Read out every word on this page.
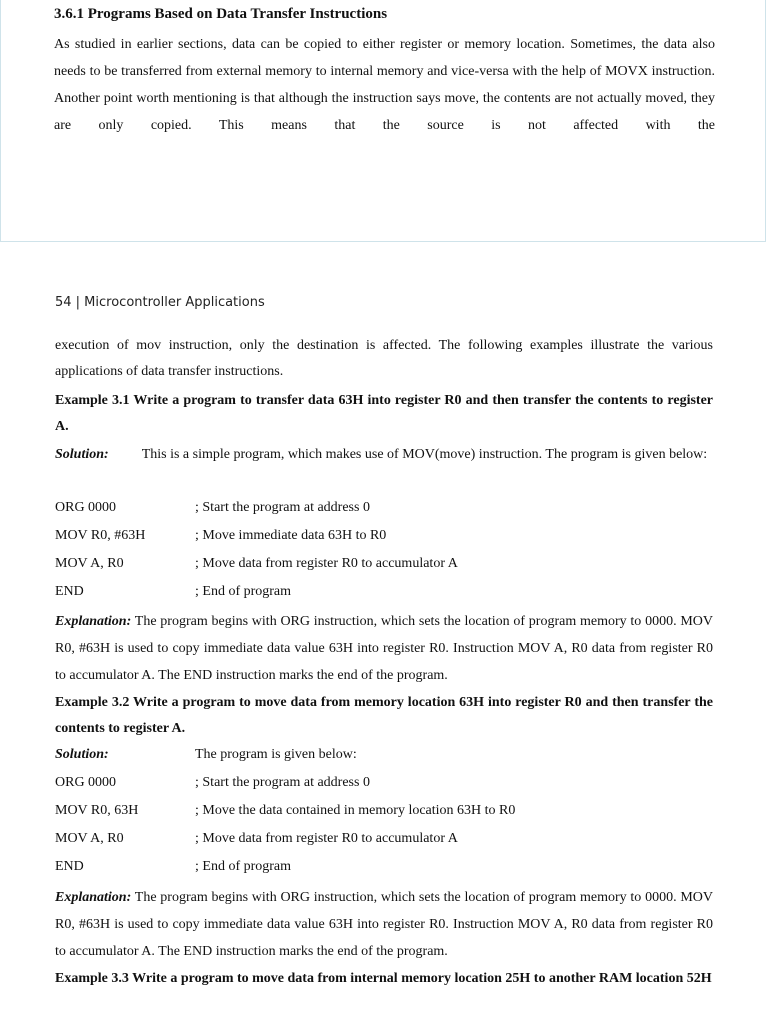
3.6.1 Programs Based on Data Transfer Instructions

As studied in earlier sections, data can be copied to either register or memory location. Sometimes, the data also needs to be transferred from external memory to internal memory and vice-versa with the help of MOVX instruction. Another point worth mentioning is that although the instruction says move, the contents are not actually moved, they are only copied. This means that the source is not affected with the

54 | Microcontroller Applications

execution of mov instruction, only the destination is affected. The following examples illustrate the various applications of data transfer instructions.

Example 3.1 Write a program to transfer data 63H into register R0 and then transfer the contents to register A.

Solution: This is a simple program, which makes use of MOV(move) instruction. The program is given below:

ORG 0000	; Start the program at address 0
MOV R0, #63H	; Move immediate data 63H to R0
MOV A, R0	; Move data from register R0 to accumulator A
END	; End of program

Explanation: The program begins with ORG instruction, which sets the location of program memory to 0000. MOV R0, #63H is used to copy immediate data value 63H into register R0. Instruction MOV A, R0 data from register R0 to accumulator A. The END instruction marks the end of the program.

Example 3.2 Write a program to move data from memory location 63H into register R0 and then transfer the contents to register A.

Solution:	The program is given below:
ORG 0000	; Start the program at address 0
MOV R0, 63H	; Move the data contained in memory location 63H to R0
MOV A, R0	; Move data from register R0 to accumulator A
END	; End of program

Explanation: The program begins with ORG instruction, which sets the location of program memory to 0000. MOV R0, #63H is used to copy immediate data value 63H into register R0. Instruction MOV A, R0 data from register R0 to accumulator A. The END instruction marks the end of the program.

Example 3.3 Write a program to move data from internal memory location 25H to another RAM location 52H
